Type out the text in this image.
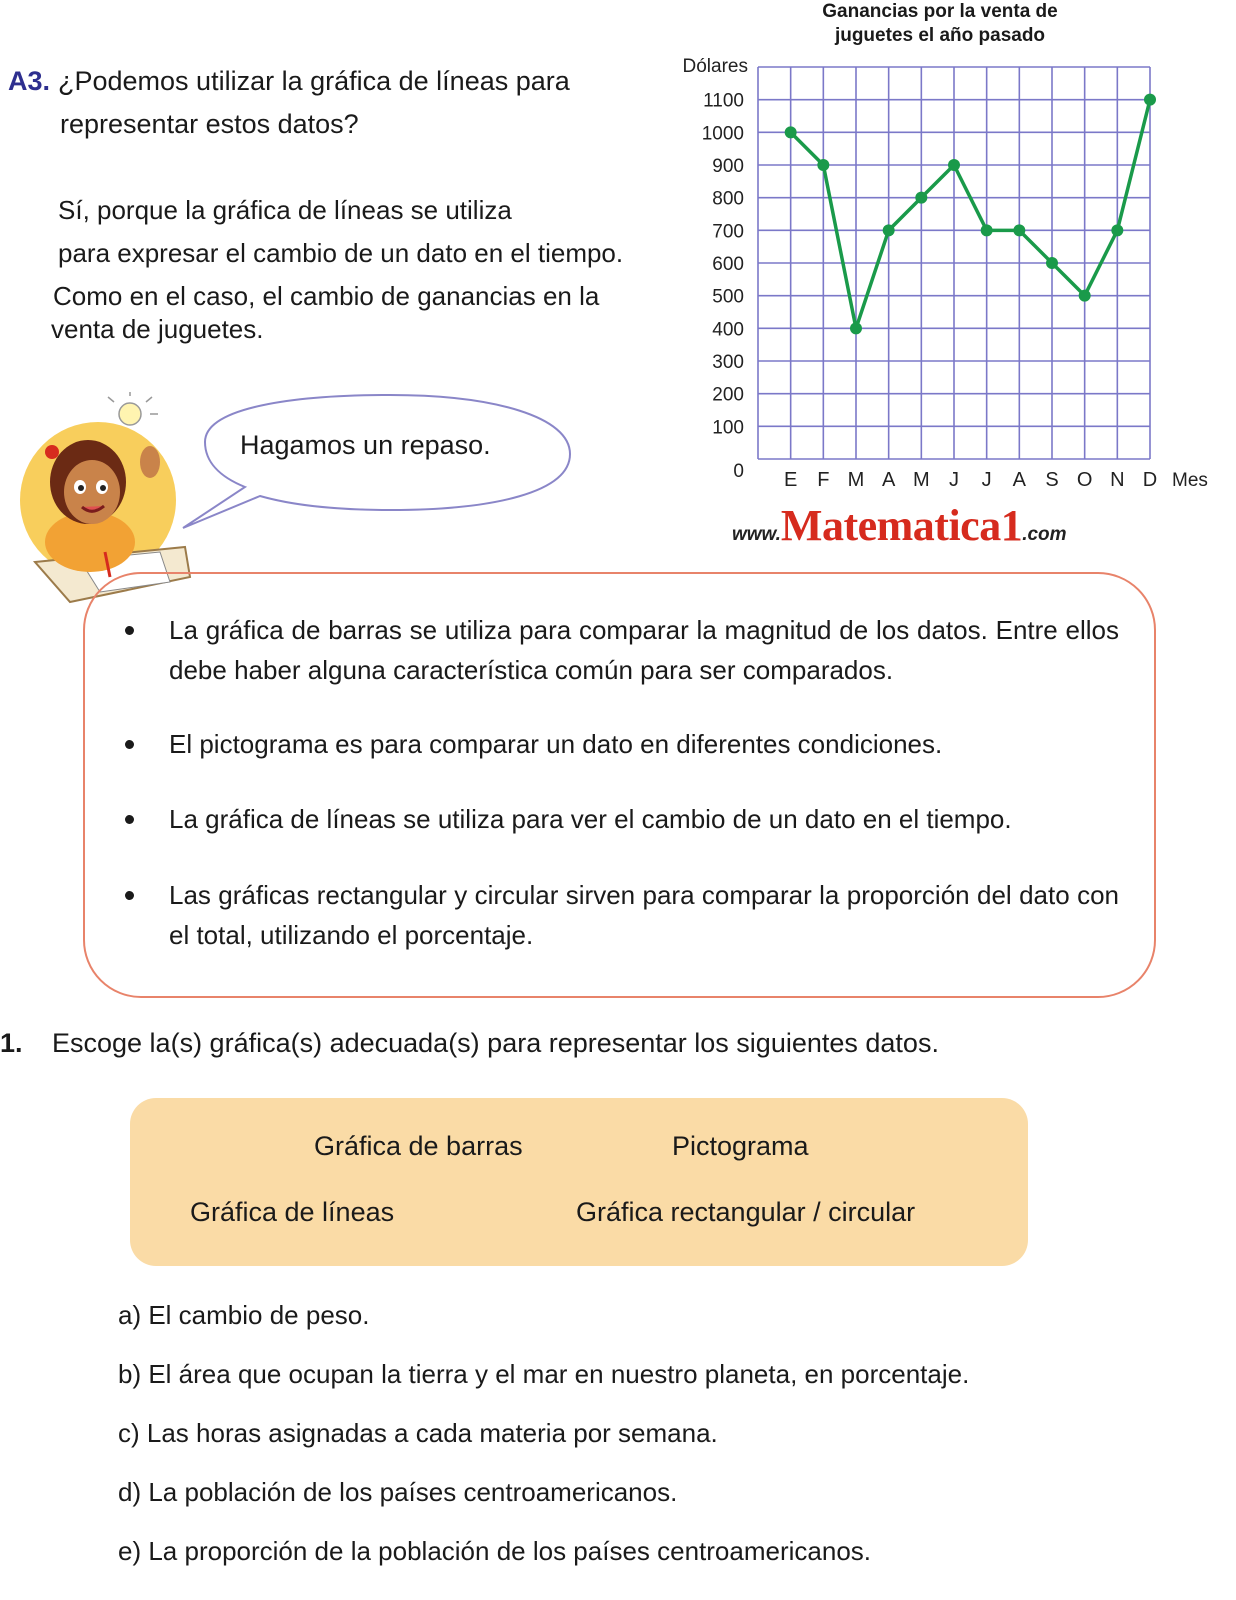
A3. ¿Podemos utilizar la gráfica de líneas para
representar estos datos?
Sí, porque la gráfica de líneas se utiliza
para expresar el cambio de un dato en el tiempo.
Como en el caso, el cambio de ganancias en la
venta de juguetes.
0
100
200
300
400
500
600
700
800
900
1000
1100
E F M A M J J A S O N D
Ganancias por la venta de
juguetes el año pasado
Dólares
Mes
www.Matematica1.com
Hagamos un repaso.
La gráfica de barras se utiliza para comparar la magnitud de los datos. Entre ellos debe haber alguna característica común para ser comparados.
El pictograma es para comparar un dato en diferentes condiciones.
La gráfica de líneas se utiliza para ver el cambio de un dato en el tiempo.
Las gráficas rectangular y circular sirven para comparar la proporción del dato con el total, utilizando el porcentaje.
1. Escoge la(s) gráfica(s) adecuada(s) para representar los siguientes datos.
Gráfica de barras	Pictograma
Gráfica de líneas	Gráfica rectangular / circular
a) El cambio de peso.
b) El área que ocupan la tierra y el mar en nuestro planeta, en porcentaje.
c) Las horas asignadas a cada materia por semana.
d) La población de los países centroamericanos.
e) La proporción de la población de los países centroamericanos.
